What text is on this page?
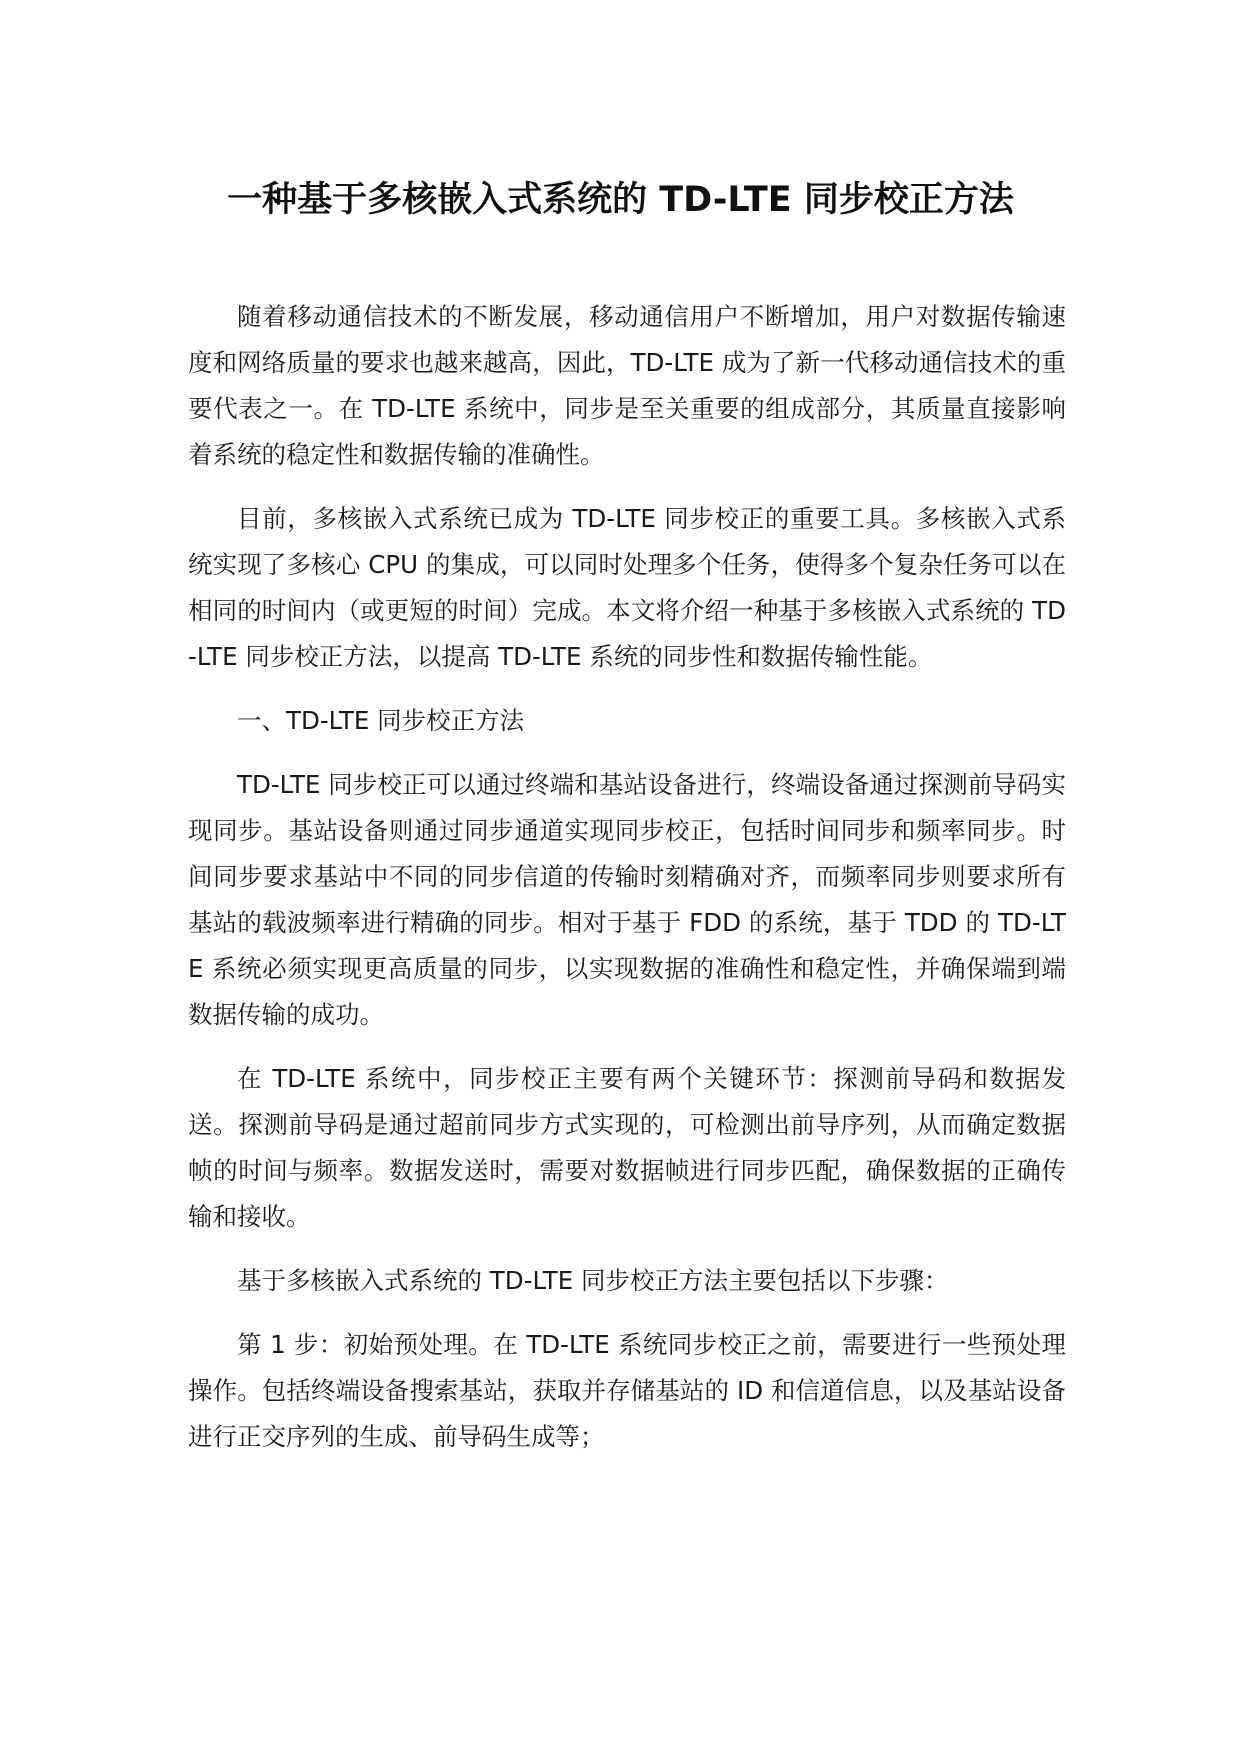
一种基于多核嵌入式系统的 TD-LTE 同步校正方法

随着移动通信技术的不断发展，移动通信用户不断增加，用户对数据传输速度和网络质量的要求也越来越高，因此，TD-LTE 成为了新一代移动通信技术的重要代表之一。在 TD-LTE 系统中，同步是至关重要的组成部分，其质量直接影响着系统的稳定性和数据传输的准确性。

目前，多核嵌入式系统已成为 TD-LTE 同步校正的重要工具。多核嵌入式系统实现了多核心 CPU 的集成，可以同时处理多个任务，使得多个复杂任务可以在相同的时间内（或更短的时间）完成。本文将介绍一种基于多核嵌入式系统的 TD-LTE 同步校正方法，以提高 TD-LTE 系统的同步性和数据传输性能。

一、TD-LTE 同步校正方法

TD-LTE 同步校正可以通过终端和基站设备进行，终端设备通过探测前导码实现同步。基站设备则通过同步通道实现同步校正，包括时间同步和频率同步。时间同步要求基站中不同的同步信道的传输时刻精确对齐，而频率同步则要求所有基站的载波频率进行精确的同步。相对于基于 FDD 的系统，基于 TDD 的 TD-LTE 系统必须实现更高质量的同步，以实现数据的准确性和稳定性，并确保端到端数据传输的成功。

在 TD-LTE 系统中，同步校正主要有两个关键环节：探测前导码和数据发送。探测前导码是通过超前同步方式实现的，可检测出前导序列，从而确定数据帧的时间与频率。数据发送时，需要对数据帧进行同步匹配，确保数据的正确传输和接收。

基于多核嵌入式系统的 TD-LTE 同步校正方法主要包括以下步骤：

第 1 步：初始预处理。在 TD-LTE 系统同步校正之前，需要进行一些预处理操作。包括终端设备搜索基站，获取并存储基站的 ID 和信道信息，以及基站设备进行正交序列的生成、前导码生成等；
